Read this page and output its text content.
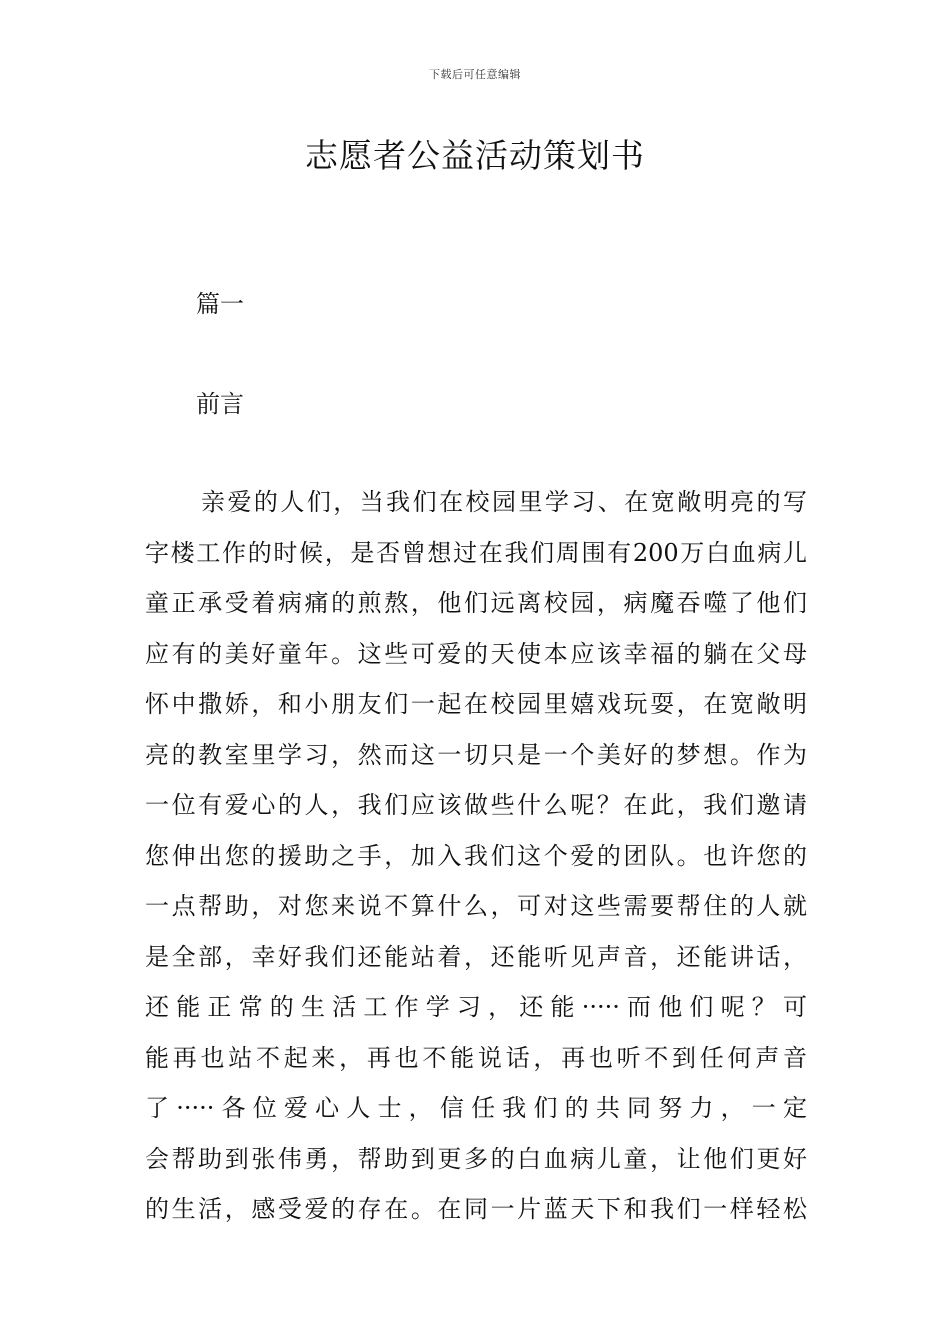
下载后可任意编辑
志愿者公益活动策划书
篇一
前言
亲爱的人们，当我们在校园里学习、在宽敞明亮的写
字楼工作的时候，是否曾想过在我们周围有200万白血病儿
童正承受着病痛的煎熬，他们远离校园，病魔吞噬了他们
应有的美好童年。这些可爱的天使本应该幸福的躺在父母
怀中撒娇，和小朋友们一起在校园里嬉戏玩耍，在宽敞明
亮的教室里学习，然而这一切只是一个美好的梦想。作为
一位有爱心的人，我们应该做些什么呢？在此，我们邀请
您伸出您的援助之手，加入我们这个爱的团队。也许您的
一点帮助，对您来说不算什么，可对这些需要帮住的人就
是全部，幸好我们还能站着，还能听见声音，还能讲话，
还能正常的生活工作学习，还能·····而他们呢？可
能再也站不起来，再也不能说话，再也听不到任何声音
了·····各位爱心人士，信任我们的共同努力，一定
会帮助到张伟勇，帮助到更多的白血病儿童，让他们更好
的生活，感受爱的存在。在同一片蓝天下和我们一样轻松
